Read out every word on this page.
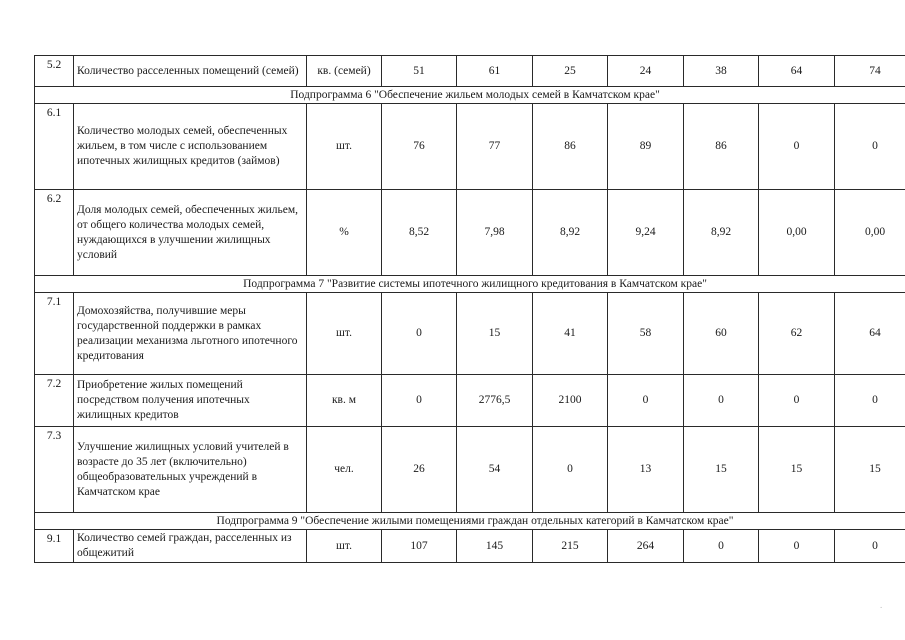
5.2	Количество расселенных помещений (семей)	кв. (семей)	51	61	25	24	38	64	74
Подпрограмма 6 "Обеспечение жильем молодых семей в Камчатском крае"									
6.1	Количество молодых семей, обеспеченных жильем, в том числе с использованием ипотечных жилищных кредитов (займов)	шт.	76	77	86	89	86	0	0
6.2	Доля молодых семей, обеспеченных жильем, от общего количества молодых семей, нуждающихся в улучшении жилищных условий	%	8,52	7,98	8,92	9,24	8,92	0,00	0,00
Подпрограмма 7 "Развитие системы ипотечного жилищного кредитования в Камчатском крае"									
7.1	Домохозяйства, получившие меры государственной поддержки в рамках реализации механизма льготного ипотечного кредитования	шт.	0	15	41	58	60	62	64
7.2	Приобретение жилых помещений посредством получения ипотечных жилищных кредитов	кв. м	0	2776,5	2100	0	0	0	0
7.3	Улучшение жилищных условий учителей в возрасте до 35 лет (включительно) общеобразовательных учреждений в Камчатском крае	чел.	26	54	0	13	15	15	15
Подпрограмма 9 "Обеспечение жилыми помещениями граждан отдельных категорий в Камчатском крае"									
9.1	Количество семей граждан, расселенных из общежитий	шт.	107	145	215	264	0	0	0
.
